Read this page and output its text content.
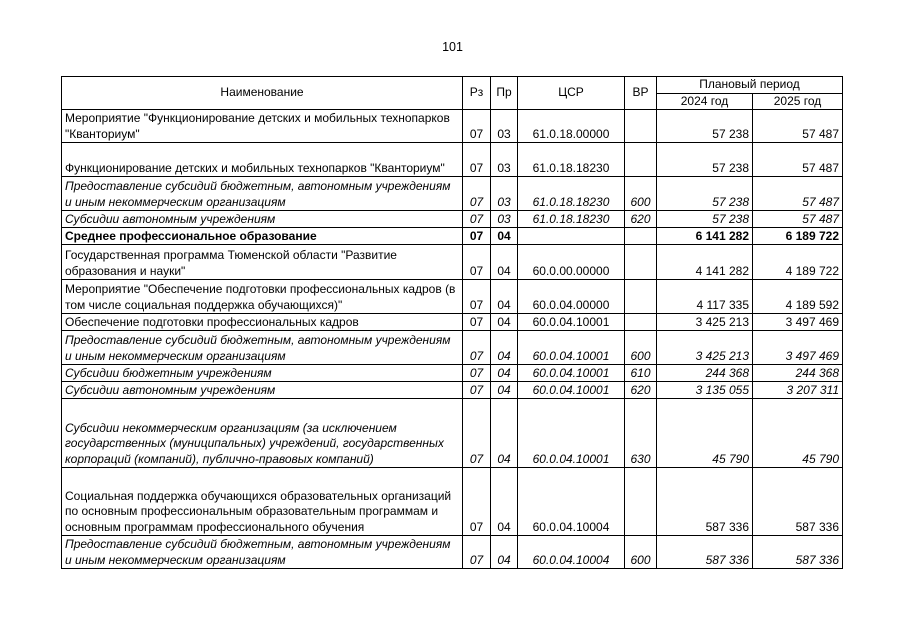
101
Наименование	Рз	Пр	ЦСР	ВР	Плановый период	
					2024 год	2025 год
Мероприятие "Функционирование детских и мобильных технопарков "Кванториум"	07	03	61.0.18.00000		57 238	57 487
Функционирование детских и мобильных технопарков "Кванториум"	07	03	61.0.18.18230		57 238	57 487
Предоставление субсидий бюджетным, автономным учреждениям и иным некоммерческим организациям	07	03	61.0.18.18230	600	57 238	57 487
Субсидии автономным учреждениям	07	03	61.0.18.18230	620	57 238	57 487
Среднее профессиональное образование	07	04			6 141 282	6 189 722
Государственная программа Тюменской области "Развитие образования и науки"	07	04	60.0.00.00000		4 141 282	4 189 722
Мероприятие "Обеспечение подготовки профессиональных кадров (в том числе социальная поддержка обучающихся)"	07	04	60.0.04.00000		4 117 335	4 189 592
Обеспечение подготовки профессиональных кадров	07	04	60.0.04.10001		3 425 213	3 497 469
Предоставление субсидий бюджетным, автономным учреждениям и иным некоммерческим организациям	07	04	60.0.04.10001	600	3 425 213	3 497 469
Субсидии бюджетным учреждениям	07	04	60.0.04.10001	610	244 368	244 368
Субсидии автономным учреждениям	07	04	60.0.04.10001	620	3 135 055	3 207 311
Субсидии некоммерческим организациям (за исключением государственных (муниципальных) учреждений, государственных корпораций (компаний), публично-правовых компаний)	07	04	60.0.04.10001	630	45 790	45 790
Социальная поддержка обучающихся образовательных организаций по основным профессиональным образовательным программам и основным программам профессионального обучения	07	04	60.0.04.10004		587 336	587 336
Предоставление субсидий бюджетным, автономным учреждениям и иным некоммерческим организациям	07	04	60.0.04.10004	600	587 336	587 336
